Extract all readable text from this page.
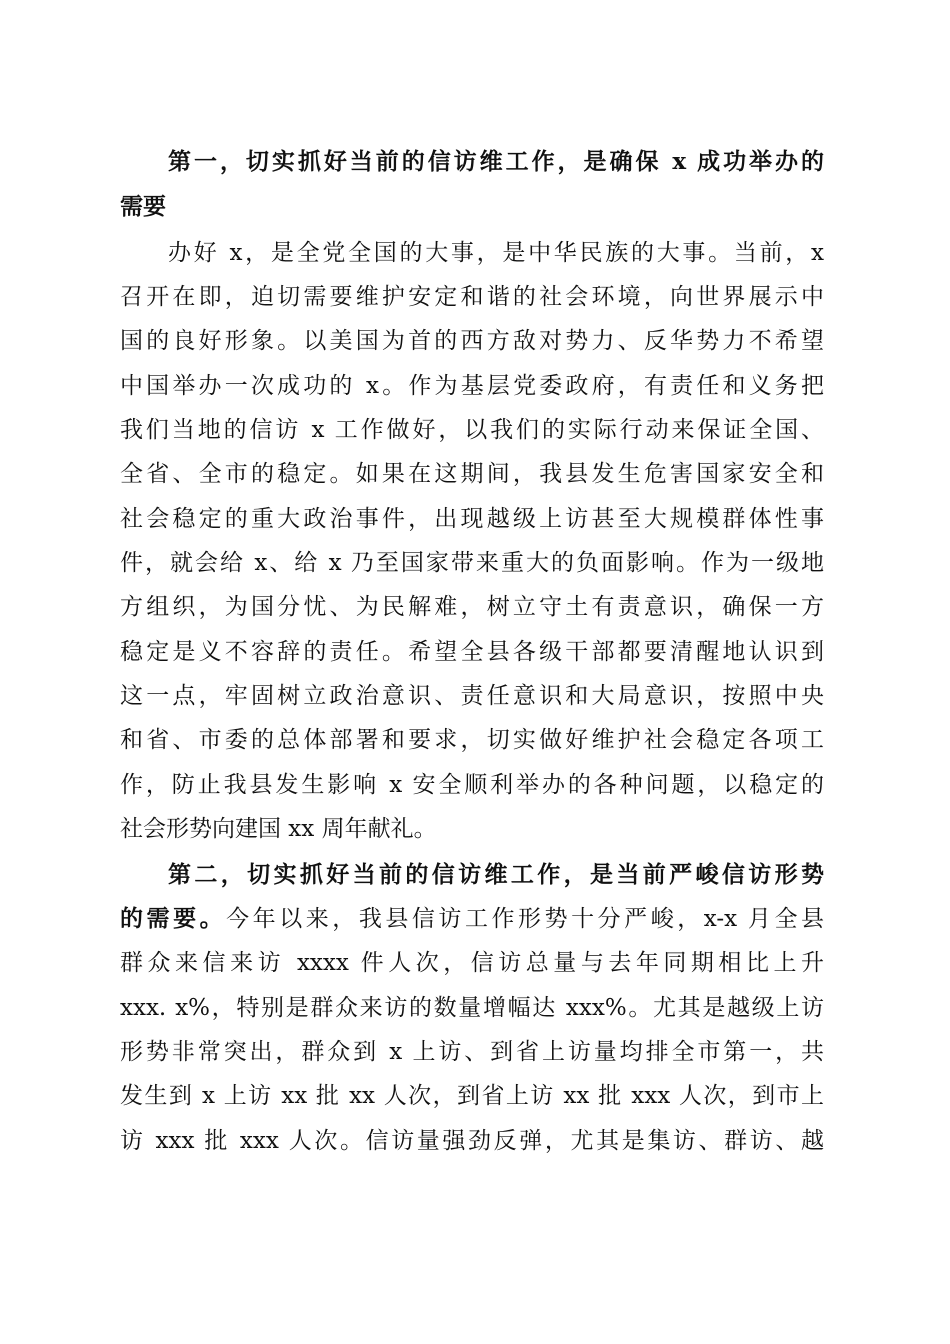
第一，切实抓好当前的信访维工作，是确保 x 成功举办的
需要
办好 x，是全党全国的大事，是中华民族的大事。当前，x
召开在即，迫切需要维护安定和谐的社会环境，向世界展示中
国的良好形象。以美国为首的西方敌对势力、反华势力不希望
中国举办一次成功的 x。作为基层党委政府，有责任和义务把
我们当地的信访 x 工作做好，以我们的实际行动来保证全国、
全省、全市的稳定。如果在这期间，我县发生危害国家安全和
社会稳定的重大政治事件，出现越级上访甚至大规模群体性事
件，就会给 x、给 x 乃至国家带来重大的负面影响。作为一级地
方组织，为国分忧、为民解难，树立守土有责意识，确保一方
稳定是义不容辞的责任。希望全县各级干部都要清醒地认识到
这一点，牢固树立政治意识、责任意识和大局意识，按照中央
和省、市委的总体部署和要求，切实做好维护社会稳定各项工
作，防止我县发生影响 x 安全顺利举办的各种问题，以稳定的
社会形势向建国 xx 周年献礼。
第二，切实抓好当前的信访维工作，是当前严峻信访形势
的需要。今年以来，我县信访工作形势十分严峻，x-x 月全县
群众来信来访 xxxx 件人次，信访总量与去年同期相比上升
xxx. x%，特别是群众来访的数量增幅达 xxx%。尤其是越级上访
形势非常突出，群众到 x 上访、到省上访量均排全市第一，共
发生到 x 上访 xx 批 xx 人次，到省上访 xx 批 xxx 人次，到市上
访 xxx 批 xxx 人次。信访量强劲反弹，尤其是集访、群访、越
